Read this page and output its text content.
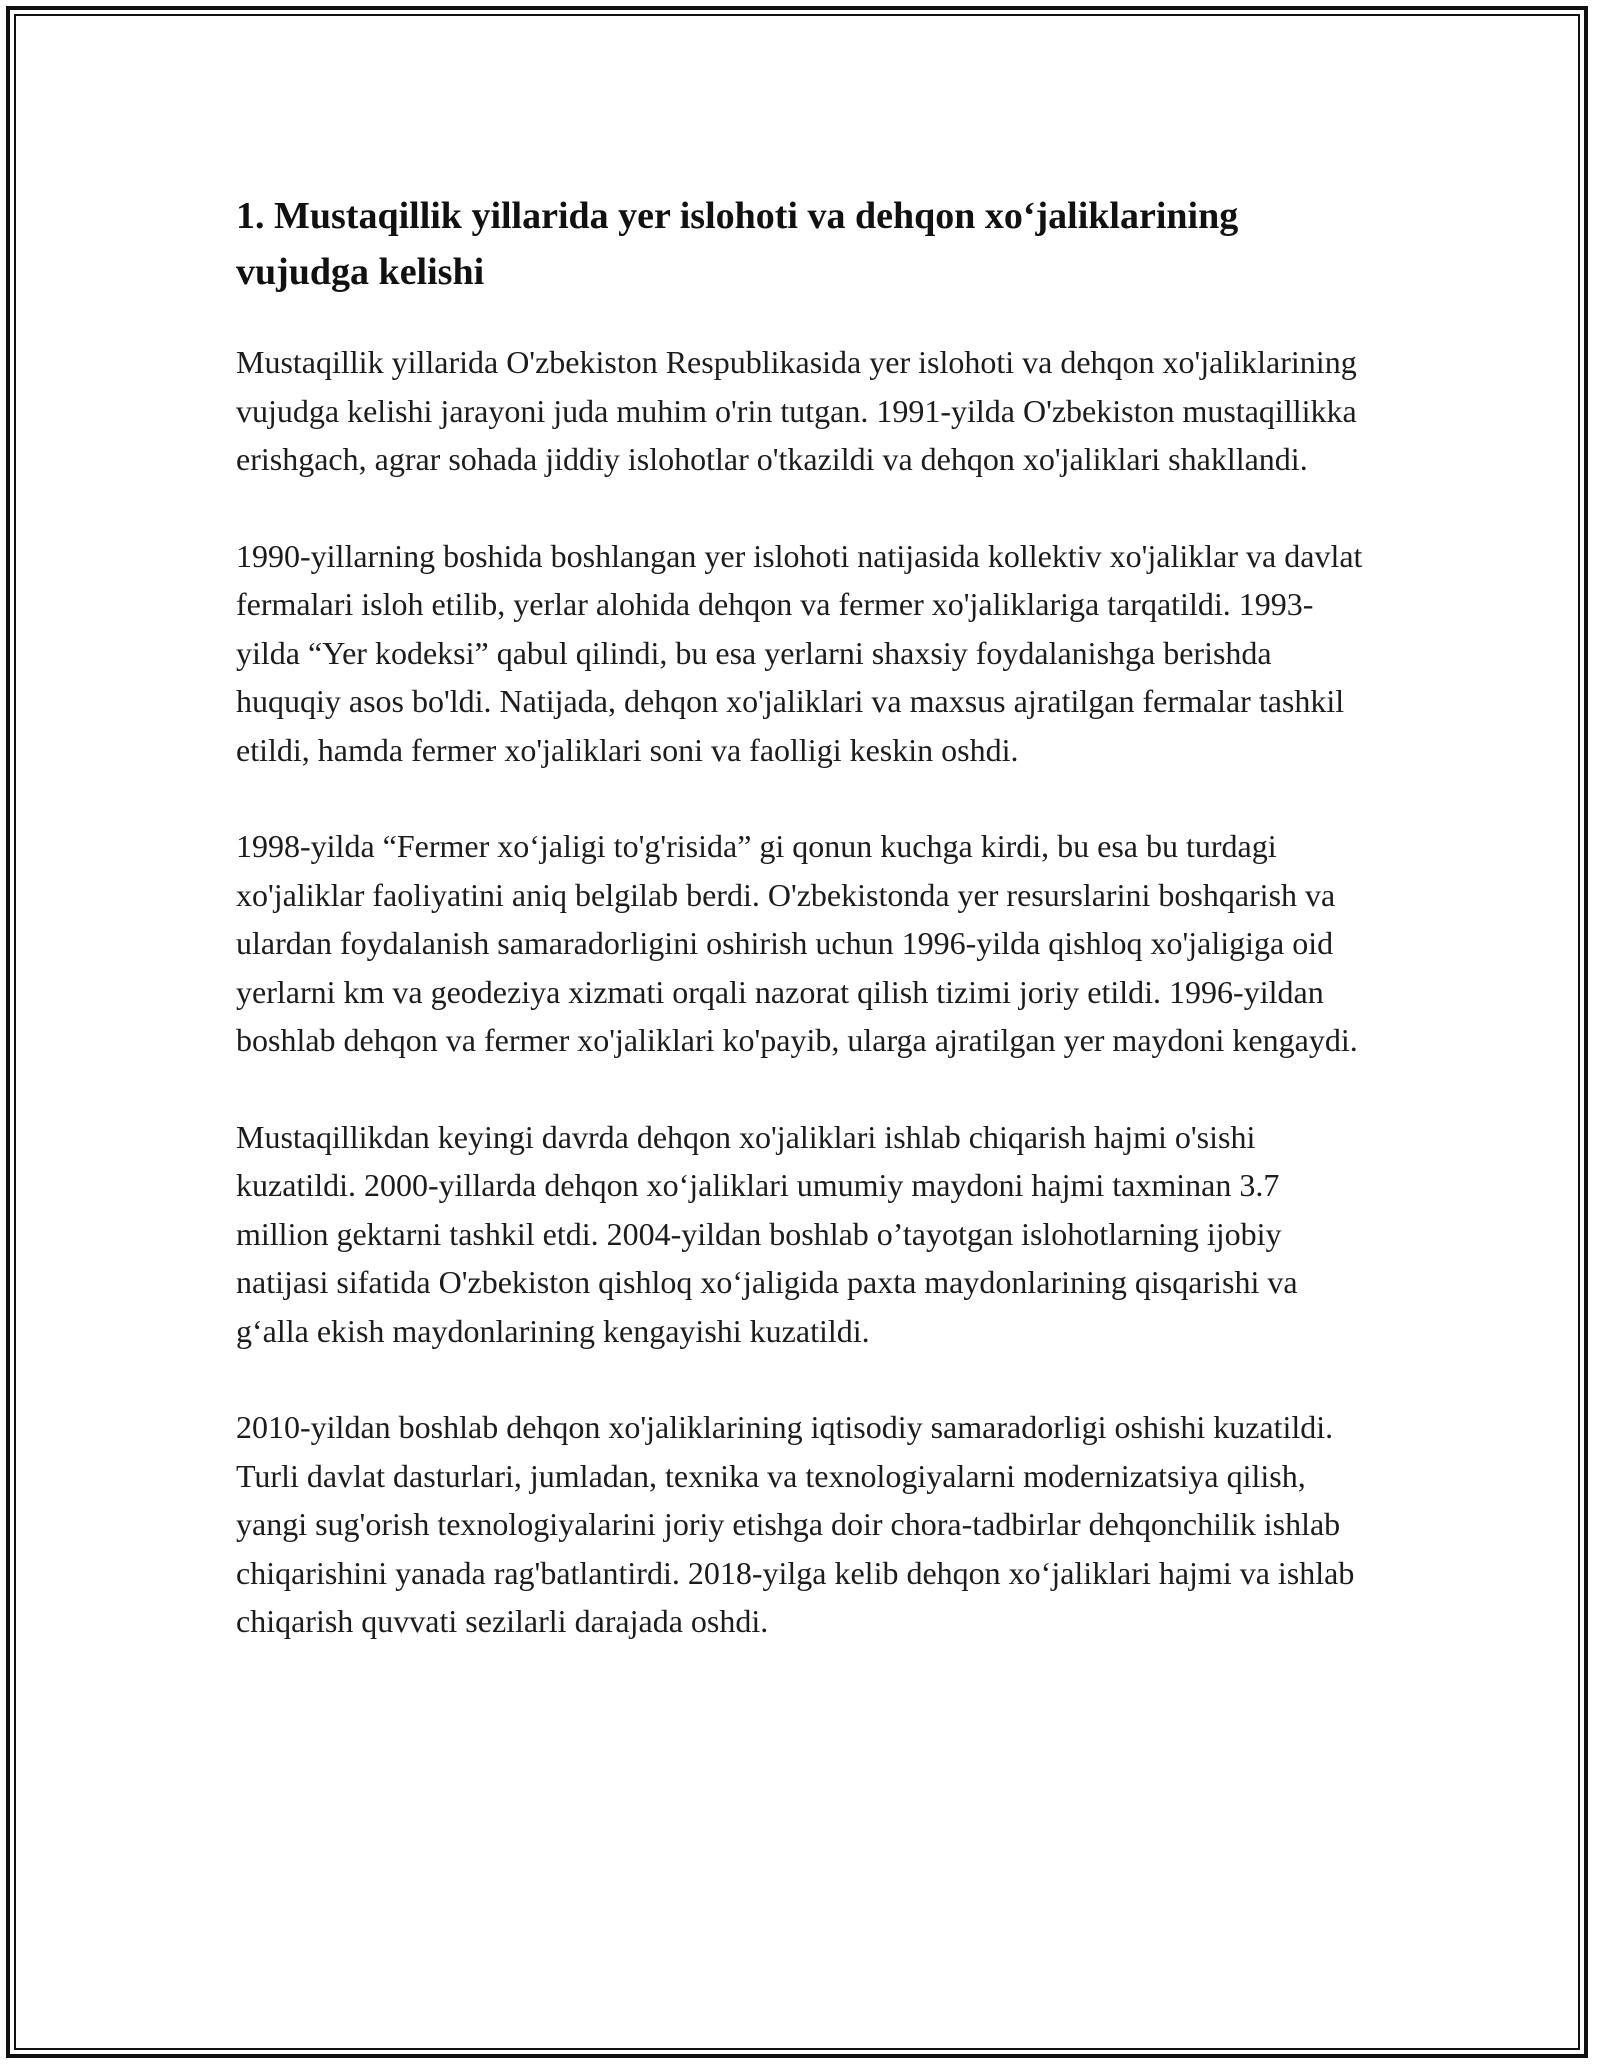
1. Mustaqillik yillarida yer islohoti va dehqon xo‘jaliklarining vujudga kelishi

Mustaqillik yillarida O'zbekiston Respublikasida yer islohoti va dehqon xo'jaliklarining vujudga kelishi jarayoni juda muhim o'rin tutgan. 1991-yilda O'zbekiston mustaqillikka erishgach, agrar sohada jiddiy islohotlar o'tkazildi va dehqon xo'jaliklari shakllandi.

1990-yillarning boshida boshlangan yer islohoti natijasida kollektiv xo'jaliklar va davlat fermalari isloh etilib, yerlar alohida dehqon va fermer xo'jaliklariga tarqatildi. 1993-yilda “Yer kodeksi” qabul qilindi, bu esa yerlarni shaxsiy foydalanishga berishda huquqiy asos bo'ldi. Natijada, dehqon xo'jaliklari va maxsus ajratilgan fermalar tashkil etildi, hamda fermer xo'jaliklari soni va faolligi keskin oshdi.

1998-yilda “Fermer xo‘jaligi to'g'risida” gi qonun kuchga kirdi, bu esa bu turdagi xo'jaliklar faoliyatini aniq belgilab berdi. O'zbekistonda yer resurslarini boshqarish va ulardan foydalanish samaradorligini oshirish uchun 1996-yilda qishloq xo'jaligiga oid yerlarni km va geodeziya xizmati orqali nazorat qilish tizimi joriy etildi. 1996-yildan boshlab dehqon va fermer xo'jaliklari ko'payib, ularga ajratilgan yer maydoni kengaydi.

Mustaqillikdan keyingi davrda dehqon xo'jaliklari ishlab chiqarish hajmi o'sishi kuzatildi. 2000-yillarda dehqon xo‘jaliklari umumiy maydoni hajmi taxminan 3.7 million gektarni tashkil etdi. 2004-yildan boshlab o’tayotgan islohotlarning ijobiy natijasi sifatida O'zbekiston qishloq xo‘jaligida paxta maydonlarining qisqarishi va g‘alla ekish maydonlarining kengayishi kuzatildi.

2010-yildan boshlab dehqon xo'jaliklarining iqtisodiy samaradorligi oshishi kuzatildi. Turli davlat dasturlari, jumladan, texnika va texnologiyalarni modernizatsiya qilish, yangi sug'orish texnologiyalarini joriy etishga doir chora-tadbirlar dehqonchilik ishlab chiqarishini yanada rag'batlantirdi. 2018-yilga kelib dehqon xo‘jaliklari hajmi va ishlab chiqarish quvvati sezilarli darajada oshdi.
